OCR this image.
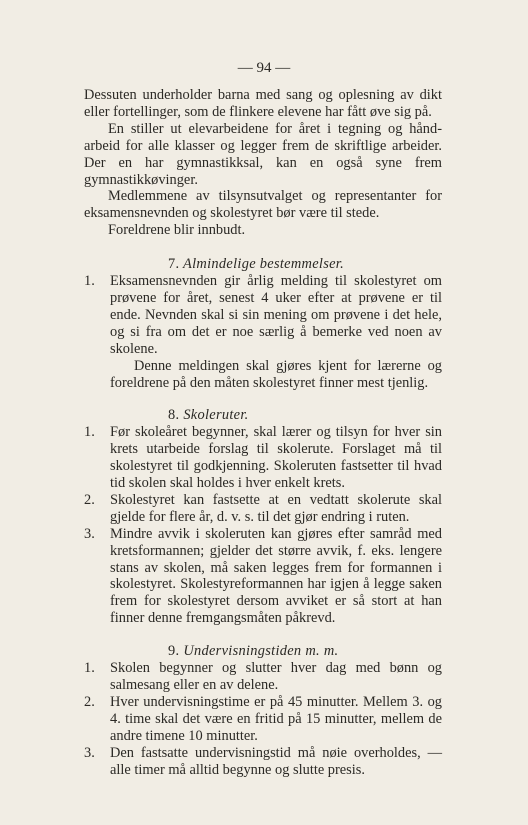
— 94 —

Dessuten underholder barna med sang og oplesning av dikt eller fortellinger, som de flinkere elevene har fått øve sig på.

En stiller ut elevarbeidene for året i tegning og håndarbeid for alle klasser og legger frem de skriftlige arbeider. Der en har gymnastikksal, kan en også syne frem gymnastikkøvinger.

Medlemmene av tilsynsutvalget og representanter for eksamensnevnden og skolestyret bør være til stede.

Foreldrene blir innbudt.

7. Almindelige bestemmelser.

1. Eksamensnevnden gir årlig melding til skolestyret om prøvene for året, senest 4 uker efter at prøvene er til ende. Nevnden skal si sin mening om prøvene i det hele, og si fra om det er noe særlig å bemerke ved noen av skolene.

Denne meldingen skal gjøres kjent for lærerne og foreldrene på den måten skolestyret finner mest tjenlig.

8. Skoleruter.

1. Før skoleåret begynner, skal lærer og tilsyn for hver sin krets utarbeide forslag til skolerute. Forslaget må til skolestyret til godkjenning. Skoleruten fastsetter til hvad tid skolen skal holdes i hver enkelt krets.
2. Skolestyret kan fastsette at en vedtatt skolerute skal gjelde for flere år, d. v. s. til det gjør endring i ruten.
3. Mindre avvik i skoleruten kan gjøres efter samråd med kretsformannen; gjelder det større avvik, f. eks. lengere stans av skolen, må saken legges frem for formannen i skolestyret. Skolestyreformannen har igjen å legge saken frem for skolestyret dersom avviket er så stort at han finner denne fremgangsmåten påkrevd.

9. Undervisningstiden m. m.

1. Skolen begynner og slutter hver dag med bønn og salmesang eller en av delene.
2. Hver undervisningstime er på 45 minutter. Mellem 3. og 4. time skal det være en fritid på 15 minutter, mellem de andre timene 10 minutter.
3. Den fastsatte undervisningstid må nøie overholdes, — alle timer må alltid begynne og slutte presis.
